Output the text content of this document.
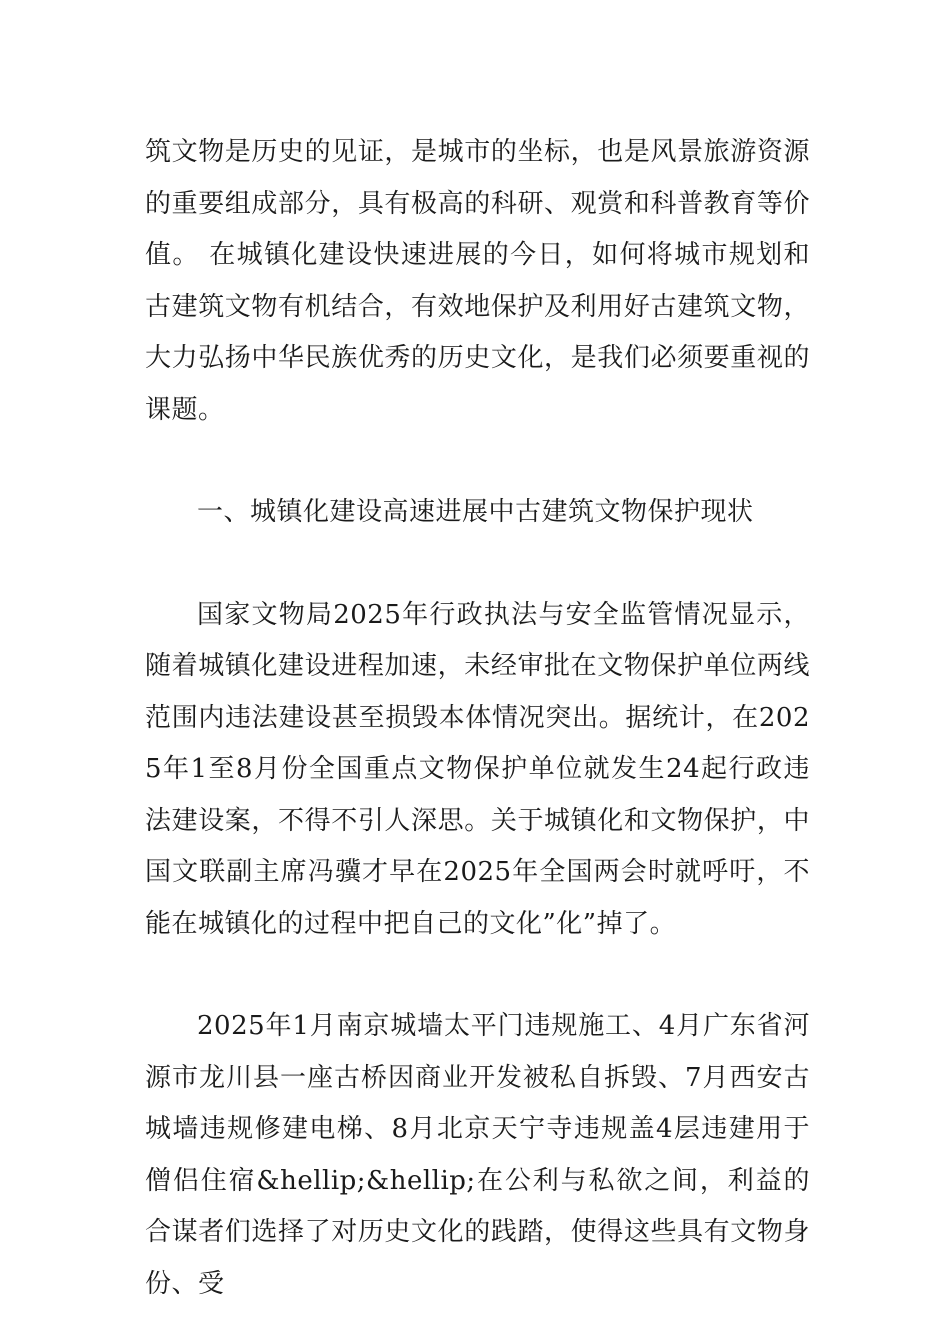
筑文物是历史的见证，是城市的坐标，也是风景旅游资源的重要组成部分，具有极高的科研、观赏和科普教育等价值。 在城镇化建设快速进展的今日，如何将城市规划和古建筑文物有机结合，有效地保护及利用好古建筑文物，大力弘扬中华民族优秀的历史文化，是我们必须要重视的课题。

一、城镇化建设高速进展中古建筑文物保护现状

国家文物局2025年行政执法与安全监管情况显示，随着城镇化建设进程加速，未经审批在文物保护单位两线范围内违法建设甚至损毁本体情况突出。据统计，在2025年1至8月份全国重点文物保护单位就发生24起行政违法建设案，不得不引人深思。关于城镇化和文物保护，中国文联副主席冯骥才早在2025年全国两会时就呼吁，不能在城镇化的过程中把自己的文化”化”掉了。

2025年1月南京城墙太平门违规施工、4月广东省河源市龙川县一座古桥因商业开发被私自拆毁、7月西安古城墙违规修建电梯、8月北京天宁寺违规盖4层违建用于僧侣住宿&hellip;&hellip;在公利与私欲之间，利益的合谋者们选择了对历史文化的践踏，使得这些具有文物身份、受
